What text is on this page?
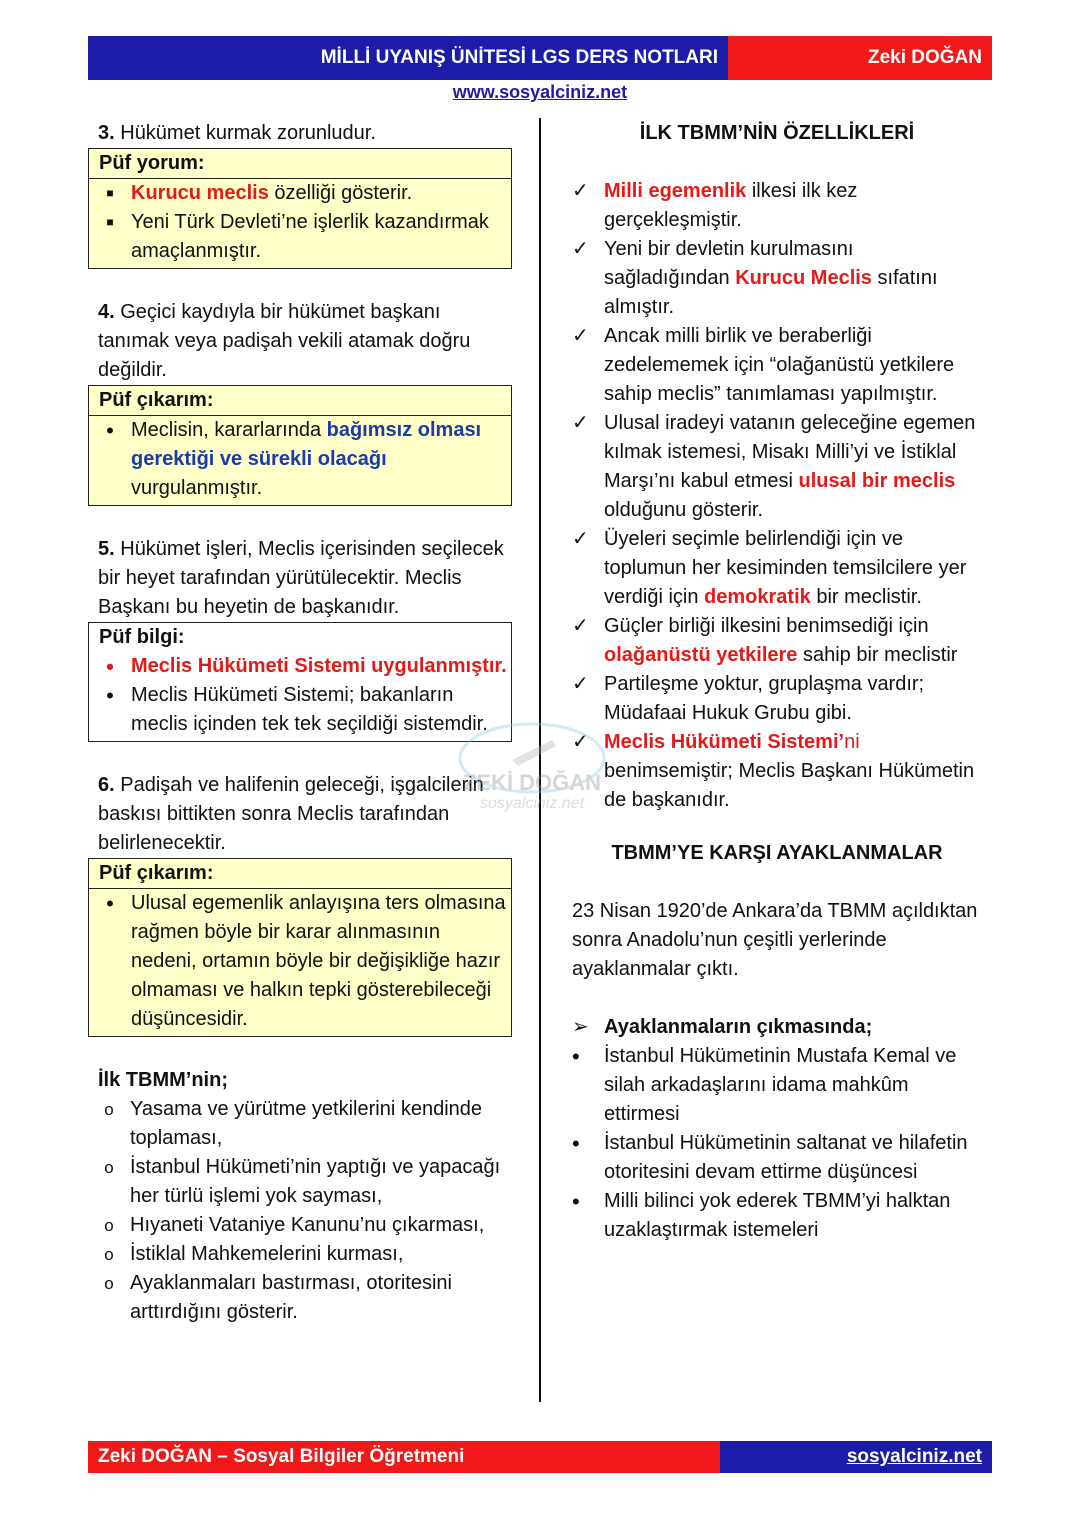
MİLLİ UYANIŞ ÜNİTESİ LGS DERS NOTLARI	Zeki DOĞAN
www.sosyalciniz.net

3. Hükümet kurmak zorunludur.

Püf yorum:
■ Kurucu meclis özelliği gösterir.
■ Yeni Türk Devleti’ne işlerlik kazandırmak amaçlanmıştır.

4. Geçici kaydıyla bir hükümet başkanı tanımak veya padişah vekili atamak doğru değildir.

Püf çıkarım:
• Meclisin, kararlarında bağımsız olması gerektiği ve sürekli olacağı vurgulanmıştır.

5. Hükümet işleri, Meclis içerisinden seçilecek bir heyet tarafından yürütülecektir. Meclis Başkanı bu heyetin de başkanıdır.

Püf bilgi:
• Meclis Hükümeti Sistemi uygulanmıştır.
• Meclis Hükümeti Sistemi; bakanların meclis içinden tek tek seçildiği sistemdir.

6. Padişah ve halifenin geleceği, işgalcilerin baskısı bittikten sonra Meclis tarafından belirlenecektir.

Püf çıkarım:
• Ulusal egemenlik anlayışına ters olmasına rağmen böyle bir karar alınmasının nedeni, ortamın böyle bir değişikliğe hazır olmaması ve halkın tepki gösterebileceği düşüncesidir.

İlk TBMM’nin;

o Yasama ve yürütme yetkilerini kendinde toplaması,
o İstanbul Hükümeti’nin yaptığı ve yapacağı her türlü işlemi yok sayması,
o Hıyaneti Vataniye Kanunu’nu çıkarması,
o İstiklal Mahkemelerini kurması,
o Ayaklanmaları bastırması, otoritesini arttırdığını gösterir.

İLK TBMM’NİN ÖZELLİKLERİ

✓ Milli egemenlik ilkesi ilk kez gerçekleşmiştir.
✓ Yeni bir devletin kurulmasını sağladığından Kurucu Meclis sıfatını almıştır.
✓ Ancak milli birlik ve beraberliği zedelememek için “olağanüstü yetkilere sahip meclis” tanımlaması yapılmıştır.
✓ Ulusal iradeyi vatanın geleceğine egemen kılmak istemesi, Misakı Milli’yi ve İstiklal Marşı’nı kabul etmesi ulusal bir meclis olduğunu gösterir.
✓ Üyeleri seçimle belirlendiği için ve toplumun her kesiminden temsilcilere yer verdiği için demokratik bir meclistir.
✓ Güçler birliği ilkesini benimsediği için olağanüstü yetkilere sahip bir meclistir
✓ Partileşme yoktur, gruplaşma vardır; Müdafaai Hukuk Grubu gibi.
✓ Meclis Hükümeti Sistemi’ni benimsemiştir; Meclis Başkanı Hükümetin de başkanıdır.

TBMM’YE KARŞI AYAKLANMALAR

23 Nisan 1920’de Ankara’da TBMM açıldıktan sonra Anadolu’nun çeşitli yerlerinde ayaklanmalar çıktı.

➢ Ayaklanmaların çıkmasında;
•	İstanbul Hükümetinin Mustafa Kemal ve silah arkadaşlarını idama mahkûm ettirmesi
•	İstanbul Hükümetinin saltanat ve hilafetin otoritesini devam ettirme düşüncesi
•	Milli bilinci yok ederek TBMM’yi halktan uzaklaştırmak istemeleri
ZEKİ DOĞAN
sosyalciniz.net
Zeki DOĞAN – Sosyal Bilgiler Öğretmeni	sosyalciniz.net
